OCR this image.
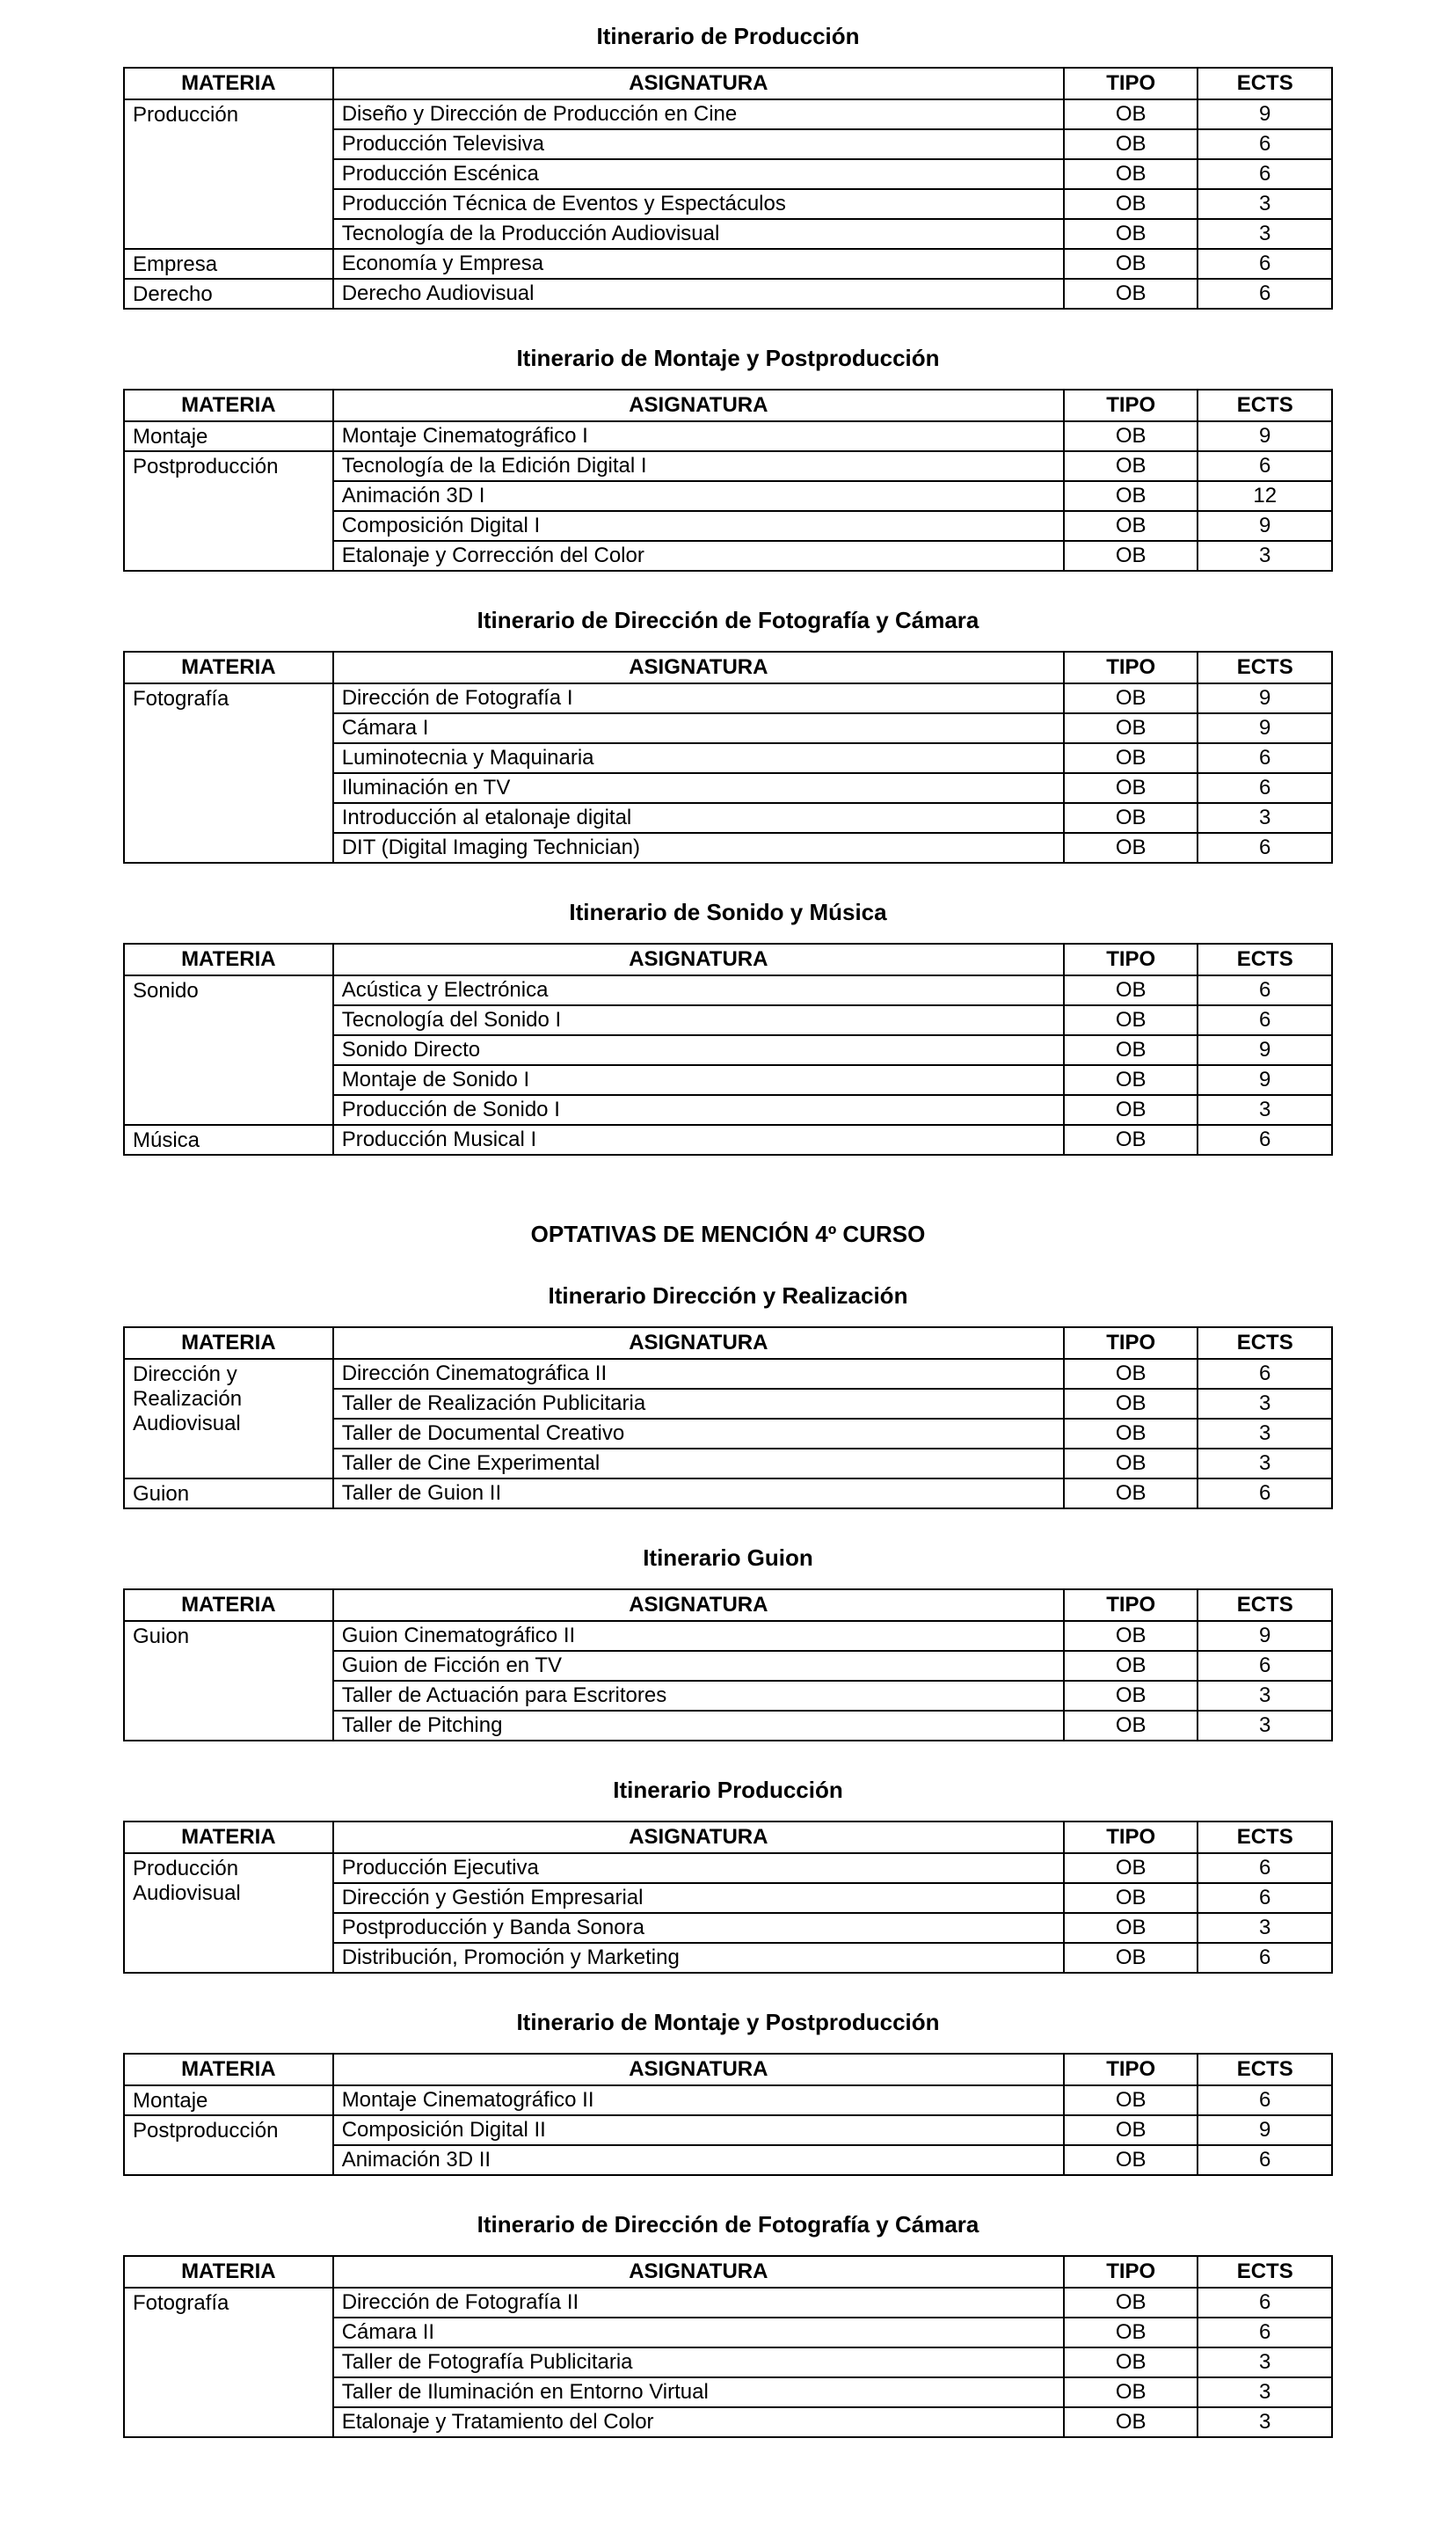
Itinerario de Producción
MATERIA	ASIGNATURA	TIPO	ECTS
Producción	Diseño y Dirección de Producción en Cine	OB	9
	Producción Televisiva	OB	6
	Producción Escénica	OB	6
	Producción Técnica de Eventos y Espectáculos	OB	3
	Tecnología de la Producción Audiovisual	OB	3
Empresa	Economía y Empresa	OB	6
Derecho	Derecho Audiovisual	OB	6
Itinerario de Montaje y Postproducción
MATERIA	ASIGNATURA	TIPO	ECTS
Montaje	Montaje Cinematográfico I	OB	9
Postproducción	Tecnología de la Edición Digital I	OB	6
	Animación 3D I	OB	12
	Composición Digital I	OB	9
	Etalonaje y Corrección del Color	OB	3
Itinerario de Dirección de Fotografía y Cámara
MATERIA	ASIGNATURA	TIPO	ECTS
Fotografía	Dirección de Fotografía I	OB	9
	Cámara I	OB	9
	Luminotecnia y Maquinaria	OB	6
	Iluminación en TV	OB	6
	Introducción al etalonaje digital	OB	3
	DIT (Digital Imaging Technician)	OB	6
Itinerario de Sonido y Música
MATERIA	ASIGNATURA	TIPO	ECTS
Sonido	Acústica y Electrónica	OB	6
	Tecnología del Sonido I	OB	6
	Sonido Directo	OB	9
	Montaje de Sonido I	OB	9
	Producción de Sonido I	OB	3
Música	Producción Musical I	OB	6
OPTATIVAS DE MENCIÓN 4º CURSO
Itinerario Dirección y Realización
MATERIA	ASIGNATURA	TIPO	ECTS
Dirección y Realización Audiovisual	Dirección Cinematográfica II	OB	6
	Taller de Realización Publicitaria	OB	3
	Taller de Documental Creativo	OB	3
	Taller de Cine Experimental	OB	3
Guion	Taller de Guion II	OB	6
Itinerario Guion
MATERIA	ASIGNATURA	TIPO	ECTS
Guion	Guion Cinematográfico II	OB	9
	Guion de Ficción en TV	OB	6
	Taller de Actuación para Escritores	OB	3
	Taller de Pitching	OB	3
Itinerario Producción
MATERIA	ASIGNATURA	TIPO	ECTS
Producción Audiovisual	Producción Ejecutiva	OB	6
	Dirección y Gestión Empresarial	OB	6
	Postproducción y Banda Sonora	OB	3
	Distribución, Promoción y Marketing	OB	6
Itinerario de Montaje y Postproducción
MATERIA	ASIGNATURA	TIPO	ECTS
Montaje	Montaje Cinematográfico II	OB	6
Postproducción	Composición Digital II	OB	9
	Animación 3D II	OB	6
Itinerario de Dirección de Fotografía y Cámara
MATERIA	ASIGNATURA	TIPO	ECTS
Fotografía	Dirección de Fotografía II	OB	6
	Cámara II	OB	6
	Taller de Fotografía Publicitaria	OB	3
	Taller de Iluminación en Entorno Virtual	OB	3
	Etalonaje y Tratamiento del Color	OB	3
